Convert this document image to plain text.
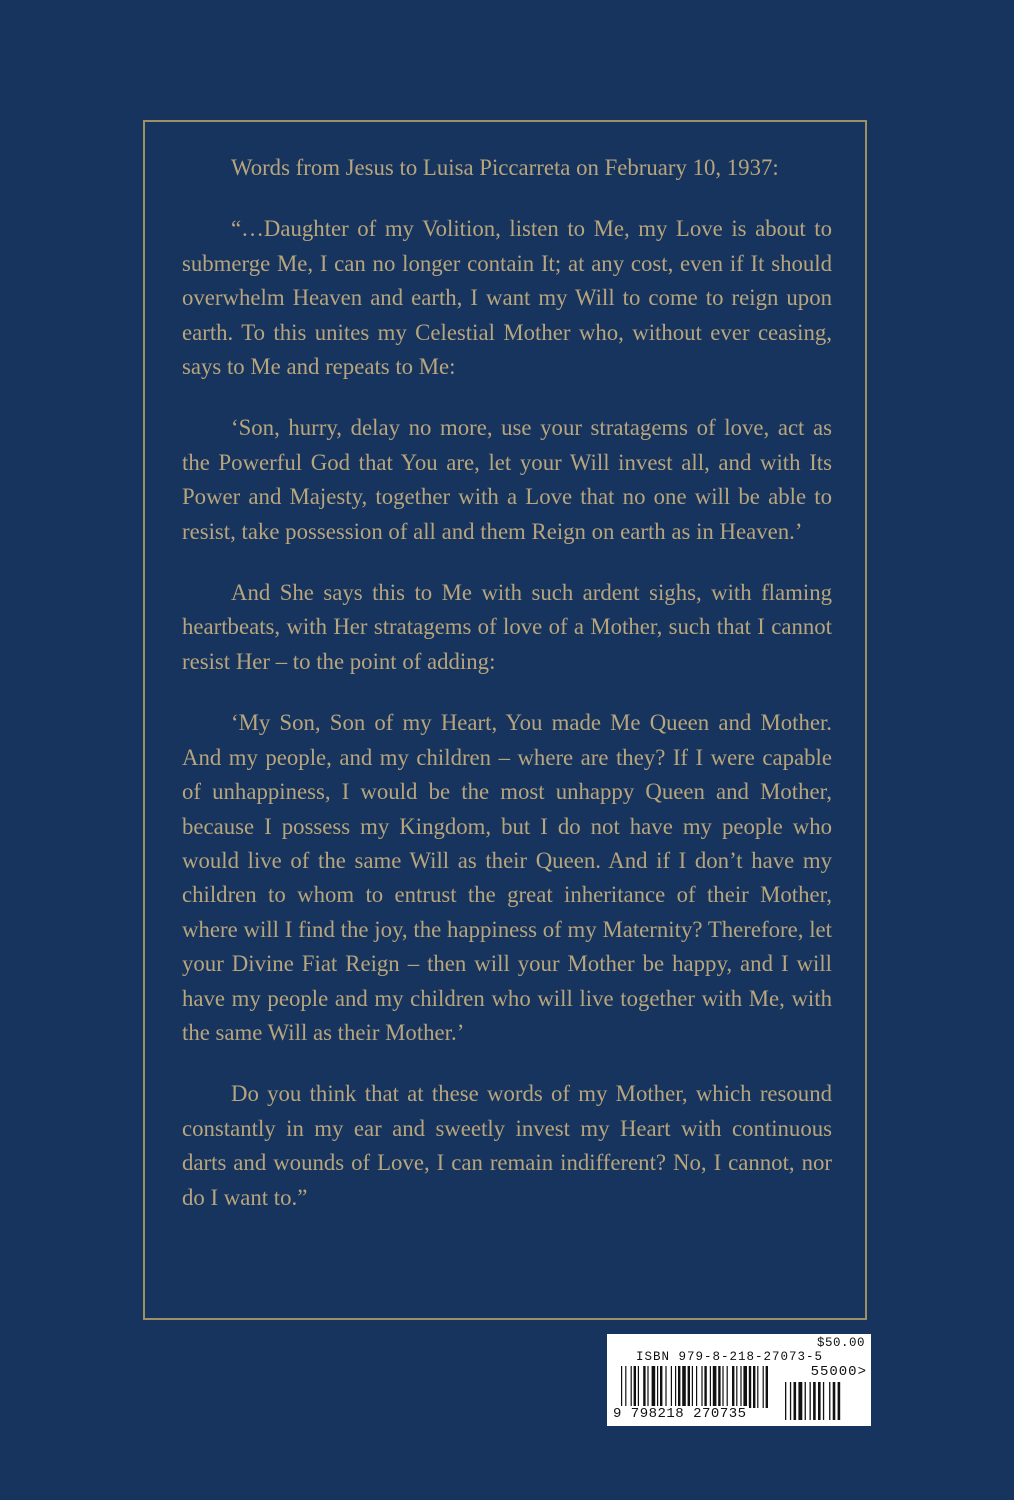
Words from Jesus to Luisa Piccarreta on February 10, 1937:

“…Daughter of my Volition, listen to Me, my Love is about to submerge Me, I can no longer contain It; at any cost, even if It should overwhelm Heaven and earth, I want my Will to come to reign upon earth. To this unites my Celestial Mother who, without ever ceasing, says to Me and repeats to Me:

‘Son, hurry, delay no more, use your stratagems of love, act as the Powerful God that You are, let your Will invest all, and with Its Power and Majesty, together with a Love that no one will be able to resist, take possession of all and them Reign on earth as in Heaven.’

And She says this to Me with such ardent sighs, with flaming heartbeats, with Her stratagems of love of a Mother, such that I cannot resist Her – to the point of adding:

‘My Son, Son of my Heart, You made Me Queen and Mother. And my people, and my children – where are they? If I were capable of unhappiness, I would be the most unhappy Queen and Mother, because I possess my Kingdom, but I do not have my people who would live of the same Will as their Queen. And if I don’t have my children to whom to entrust the great inheritance of their Mother, where will I find the joy, the happiness of my Maternity? Therefore, let your Divine Fiat Reign – then will your Mother be happy, and I will have my people and my children who will live together with Me, with the same Will as their Mother.’

Do you think that at these words of my Mother, which resound constantly in my ear and sweetly invest my Heart with continuous darts and wounds of Love, I can remain indifferent? No, I cannot, nor do I want to.”

$50.00
ISBN 979-8-218-27073-5
55000>
9 798218 270735
